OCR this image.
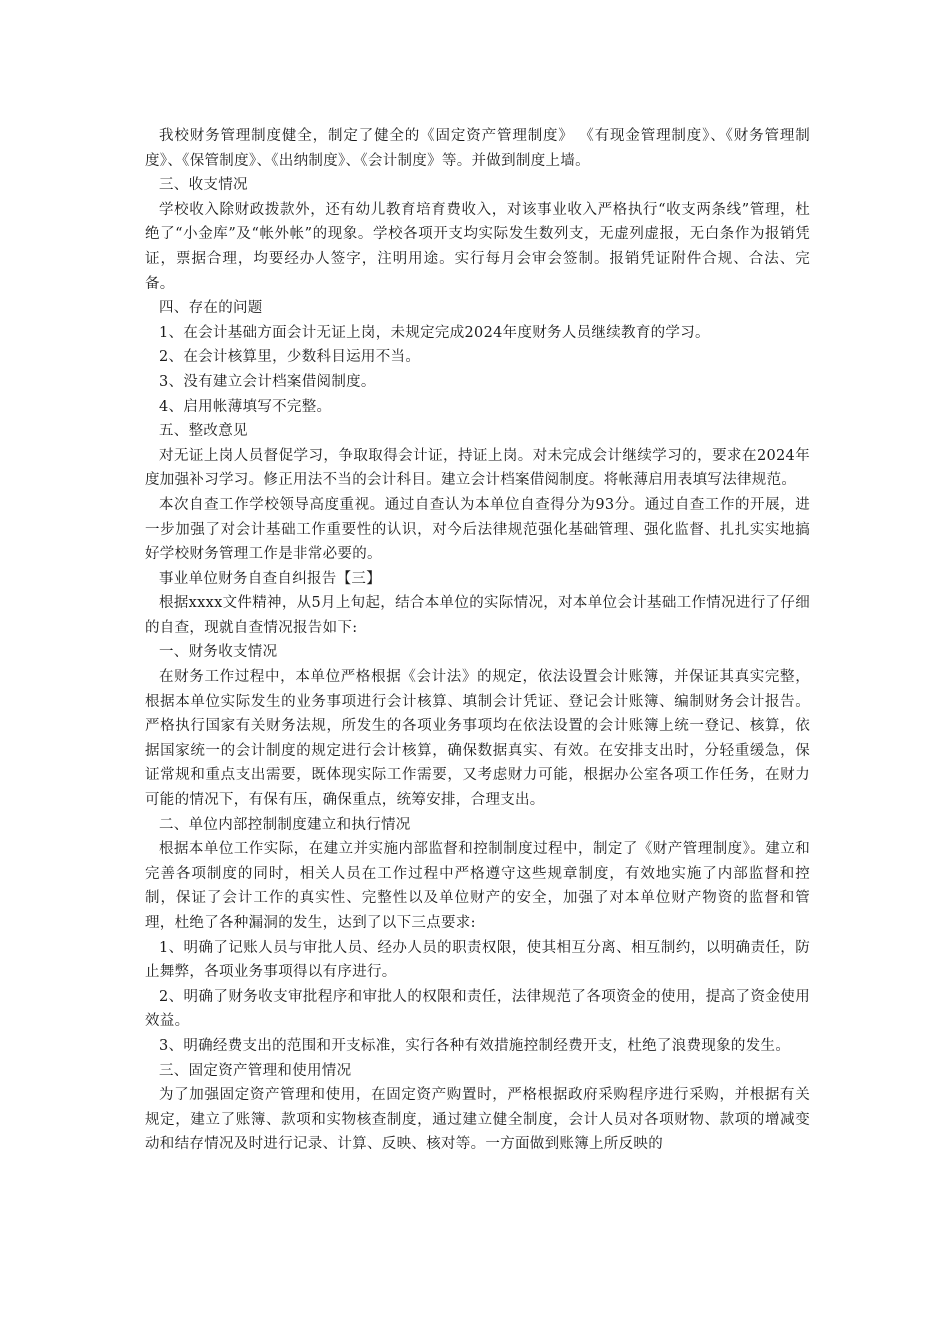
我校财务管理制度健全，制定了健全的《固定资产管理制度》 《有现金管理制度》、《财务管理制度》、《保管制度》、《出纳制度》、《会计制度》等。并做到制度上墙。

三、收支情况

学校收入除财政拨款外，还有幼儿教育培育费收入，对该事业收入严格执行“收支两条线”管理，杜绝了“小金库”及“帐外帐”的现象。学校各项开支均实际发生数列支，无虚列虚报，无白条作为报销凭证，票据合理，均要经办人签字，注明用途。实行每月会审会签制。报销凭证附件合规、合法、完备。

四、存在的问题

1、在会计基础方面会计无证上岗，未规定完成2024年度财务人员继续教育的学习。

2、在会计核算里，少数科目运用不当。

3、没有建立会计档案借阅制度。

4、启用帐薄填写不完整。

五、整改意见

对无证上岗人员督促学习，争取取得会计证，持证上岗。对未完成会计继续学习的，要求在2024年度加强补习学习。修正用法不当的会计科目。建立会计档案借阅制度。将帐薄启用表填写法律规范。

本次自查工作学校领导高度重视。通过自查认为本单位自查得分为93分。通过自查工作的开展，进一步加强了对会计基础工作重要性的认识，对今后法律规范强化基础管理、强化监督、扎扎实实地搞好学校财务管理工作是非常必要的。

事业单位财务自查自纠报告【三】

根据xxxx文件精神，从5月上旬起，结合本单位的实际情况，对本单位会计基础工作情况进行了仔细的自查，现就自查情况报告如下:

一、财务收支情况

在财务工作过程中，本单位严格根据《会计法》的规定，依法设置会计账簿，并保证其真实完整，根据本单位实际发生的业务事项进行会计核算、填制会计凭证、登记会计账簿、编制财务会计报告。严格执行国家有关财务法规，所发生的各项业务事项均在依法设置的会计账簿上统一登记、核算，依据国家统一的会计制度的规定进行会计核算，确保数据真实、有效。在安排支出时，分轻重缓急，保证常规和重点支出需要，既体现实际工作需要，又考虑财力可能，根据办公室各项工作任务，在财力可能的情况下，有保有压，确保重点，统筹安排，合理支出。

二、单位内部控制制度建立和执行情况

根据本单位工作实际，在建立并实施内部监督和控制制度过程中，制定了《财产管理制度》。建立和完善各项制度的同时，相关人员在工作过程中严格遵守这些规章制度，有效地实施了内部监督和控制，保证了会计工作的真实性、完整性以及单位财产的安全，加强了对本单位财产物资的监督和管理，杜绝了各种漏洞的发生，达到了以下三点要求:

1、明确了记账人员与审批人员、经办人员的职责权限，使其相互分离、相互制约，以明确责任，防止舞弊，各项业务事项得以有序进行。

2、明确了财务收支审批程序和审批人的权限和责任，法律规范了各项资金的使用，提高了资金使用效益。

3、明确经费支出的范围和开支标准，实行各种有效措施控制经费开支，杜绝了浪费现象的发生。

三、固定资产管理和使用情况

为了加强固定资产管理和使用，在固定资产购置时，严格根据政府采购程序进行采购，并根据有关规定，建立了账簿、款项和实物核查制度，通过建立健全制度，会计人员对各项财物、款项的增减变动和结存情况及时进行记录、计算、反映、核对等。一方面做到账簿上所反映的
